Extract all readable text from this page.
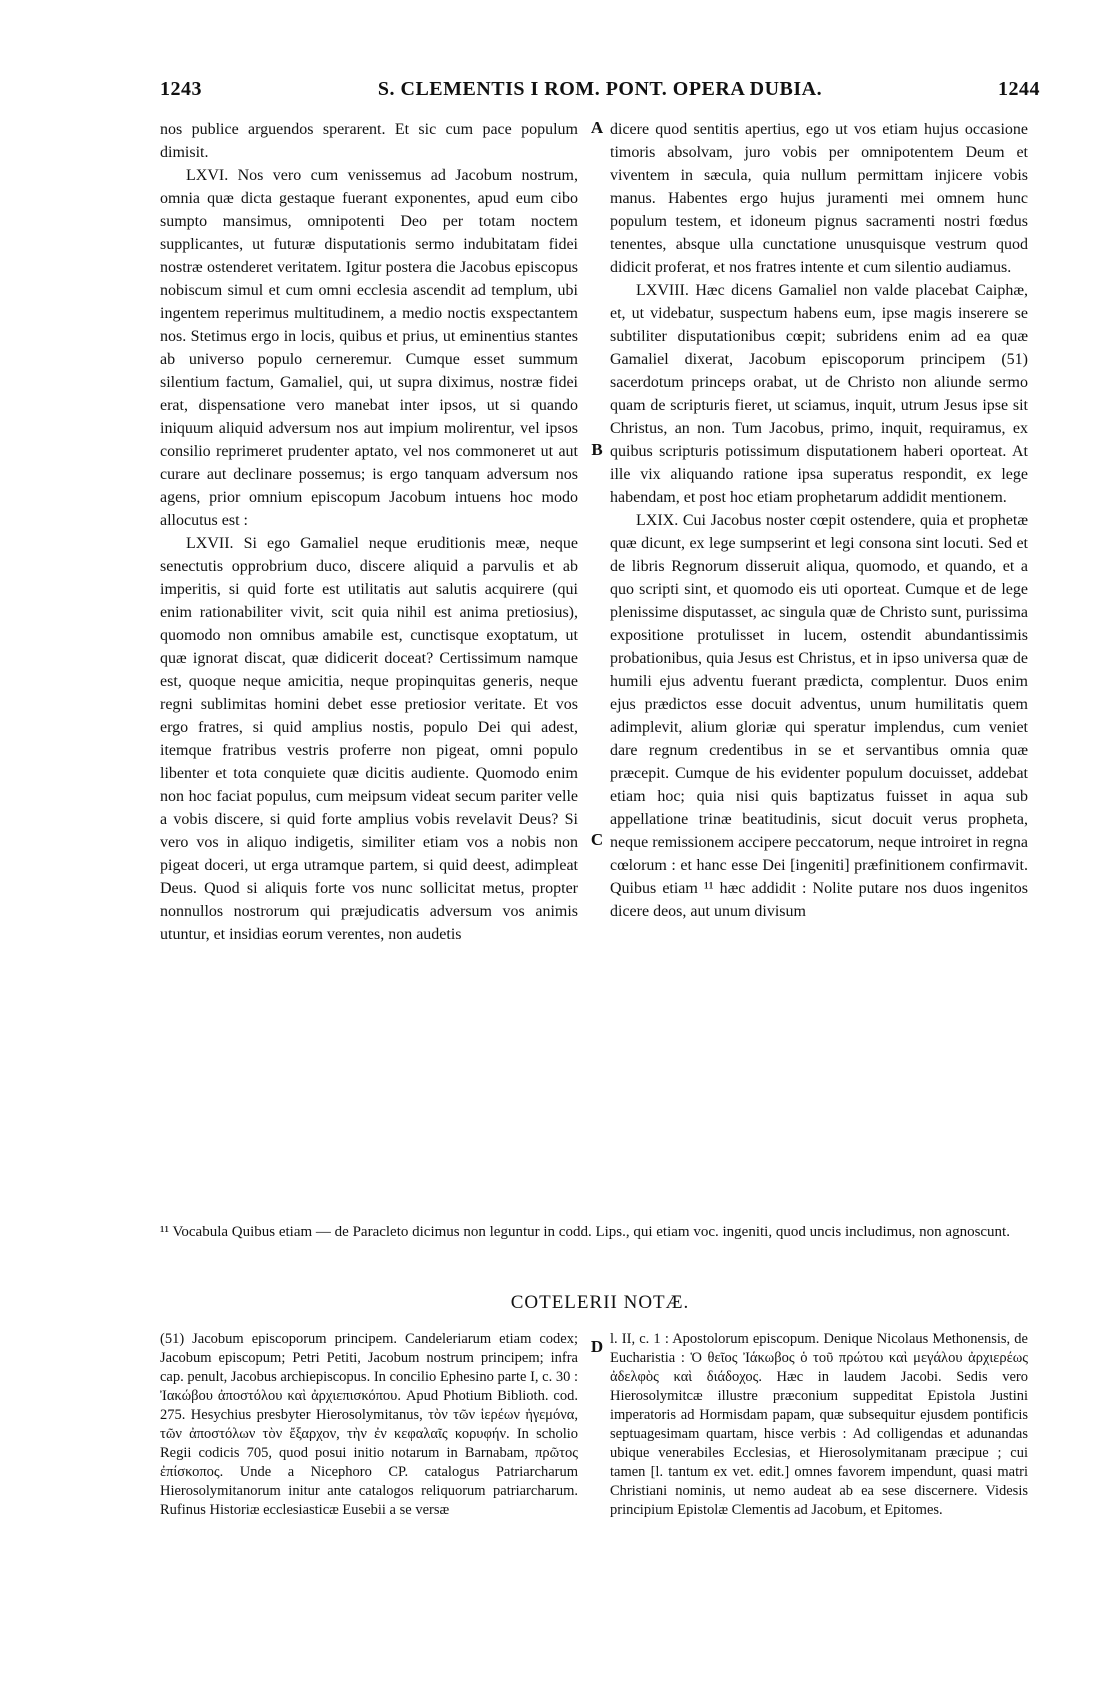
1243	S. CLEMENTIS I ROM. PONT. OPERA DUBIA.	1244

nos publice arguendos sperarent. Et sic cum pace populum dimisit.

LXVI. Nos vero cum venissemus ad Jacobum nostrum, omnia quæ dicta gestaque fuerant exponentes, apud eum cibo sumpto mansimus, omnipotenti Deo per totam noctem supplicantes, ut futuræ disputationis sermo indubitatam fidei nostræ ostenderet veritatem. Igitur postera die Jacobus episcopus nobiscum simul et cum omni ecclesia ascendit ad templum, ubi ingentem reperimus multitudinem, a medio noctis exspectantem nos. Stetimus ergo in locis, quibus et prius, ut eminentius stantes ab universo populo cerneremur. Cumque esset summum silentium factum, Gamaliel, qui, ut supra diximus, nostræ fidei erat, dispensatione vero manebat inter ipsos, ut si quando iniquum aliquid adversum nos aut impium molirentur, vel ipsos consilio reprimeret prudenter aptato, vel nos commoneret ut aut curare aut declinare possemus; is ergo tanquam adversum nos agens, prior omnium episcopum Jacobum intuens hoc modo allocutus est :

LXVII. Si ego Gamaliel neque eruditionis meæ, neque senectutis opprobrium duco, discere aliquid a parvulis et ab imperitis, si quid forte est utilitatis aut salutis acquirere (qui enim rationabiliter vivit, scit quia nihil est anima pretiosius), quomodo non omnibus amabile est, cunctisque exoptatum, ut quæ ignorat discat, quæ didicerit doceat? Certissimum namque est, quoque neque amicitia, neque propinquitas generis, neque regni sublimitas homini debet esse pretiosior veritate. Et vos ergo fratres, si quid amplius nostis, populo Dei qui adest, itemque fratribus vestris proferre non pigeat, omni populo libenter et tota conquiete quæ dicitis audiente. Quomodo enim non hoc faciat populus, cum meipsum videat secum pariter velle a vobis discere, si quid forte amplius vobis revelavit Deus? Si vero vos in aliquo indigetis, similiter etiam vos a nobis non pigeat doceri, ut erga utramque partem, si quid deest, adimpleat Deus. Quod si aliquis forte vos nunc sollicitat metus, propter nonnullos nostrorum qui præjudicatis adversum vos animis utuntur, et insidias eorum verentes, non audetis

A
B
C
D

dicere quod sentitis apertius, ego ut vos etiam hujus occasione timoris absolvam, juro vobis per omnipotentem Deum et viventem in sæcula, quia nullum permittam injicere vobis manus. Habentes ergo hujus juramenti mei omnem hunc populum testem, et idoneum pignus sacramenti nostri fœdus tenentes, absque ulla cunctatione unusquisque vestrum quod didicit proferat, et nos fratres intente et cum silentio audiamus.

LXVIII. Hæc dicens Gamaliel non valde placebat Caiphæ, et, ut videbatur, suspectum habens eum, ipse magis inserere se subtiliter disputationibus cœpit; subridens enim ad ea quæ Gamaliel dixerat, Jacobum episcoporum principem (51) sacerdotum princeps orabat, ut de Christo non aliunde sermo quam de scripturis fieret, ut sciamus, inquit, utrum Jesus ipse sit Christus, an non. Tum Jacobus, primo, inquit, requiramus, ex quibus scripturis potissimum disputationem haberi oporteat. At ille vix aliquando ratione ipsa superatus respondit, ex lege habendam, et post hoc etiam prophetarum addidit mentionem.

LXIX. Cui Jacobus noster cœpit ostendere, quia et prophetæ quæ dicunt, ex lege sumpserint et legi consona sint locuti. Sed et de libris Regnorum disseruit aliqua, quomodo, et quando, et a quo scripti sint, et quomodo eis uti oporteat. Cumque et de lege plenissime disputasset, ac singula quæ de Christo sunt, purissima expositione protulisset in lucem, ostendit abundantissimis probationibus, quia Jesus est Christus, et in ipso universa quæ de humili ejus adventu fuerant prædicta, complentur. Duos enim ejus prædictos esse docuit adventus, unum humilitatis quem adimplevit, alium gloriæ qui speratur implendus, cum veniet dare regnum credentibus in se et servantibus omnia quæ præcepit. Cumque de his evidenter populum docuisset, addebat etiam hoc; quia nisi quis baptizatus fuisset in aqua sub appellatione trinæ beatitudinis, sicut docuit verus propheta, neque remissionem accipere peccatorum, neque introiret in regna cœlorum : et hanc esse Dei [ingeniti] præfinitionem confirmavit. Quibus etiam ¹¹ hæc addidit : Nolite putare nos duos ingenitos dicere deos, aut unum divisum

¹¹ Vocabula Quibus etiam — de Paracleto dicimus non leguntur in codd. Lips., qui etiam voc. ingeniti, quod uncis includimus, non agnoscunt.
COTELERII NOTÆ.

(51) Jacobum episcoporum principem. Candeleriarum etiam codex; Jacobum episcopum; Petri Petiti, Jacobum nostrum principem; infra cap. penult, Jacobus archiepiscopus. In concilio Ephesino parte I, c. 30 : Ἰακώβου ἀποστόλου καὶ ἀρχιεπισκόπου. Apud Photium Biblioth. cod. 275. Hesychius presbyter Hierosolymitanus, τὸν τῶν ἱερέων ἡγεμόνα, τῶν ἀποστόλων τὸν ἔξαρχον, τὴν ἐν κεφαλαῖς κορυφήν. In scholio Regii codicis 705, quod posui initio notarum in Barnabam, πρῶτος ἐπίσκοπος. Unde a Nicephoro CP. catalogus Patriarcharum Hierosolymitanorum initur ante catalogos reliquorum patriarcharum. Rufinus Historiæ ecclesiasticæ Eusebii a se versæ

l. II, c. 1 : Apostolorum episcopum. Denique Nicolaus Methonensis, de Eucharistia : Ὁ θεῖος Ἰάκωβος ὁ τοῦ πρώτου καὶ μεγάλου ἀρχιερέως ἀδελφὸς καὶ διάδοχος. Hæc in laudem Jacobi. Sedis vero Hierosolymitcæ illustre præconium suppeditat Epistola Justini imperatoris ad Hormisdam papam, quæ subsequitur ejusdem pontificis septuagesimam quartam, hisce verbis : Ad colligendas et adunandas ubique venerabiles Ecclesias, et Hierosolymitanam præcipue ; cui tamen [l. tantum ex vet. edit.] omnes favorem impendunt, quasi matri Christiani nominis, ut nemo audeat ab ea sese discernere. Videsis principium Epistolæ Clementis ad Jacobum, et Epitomes.
